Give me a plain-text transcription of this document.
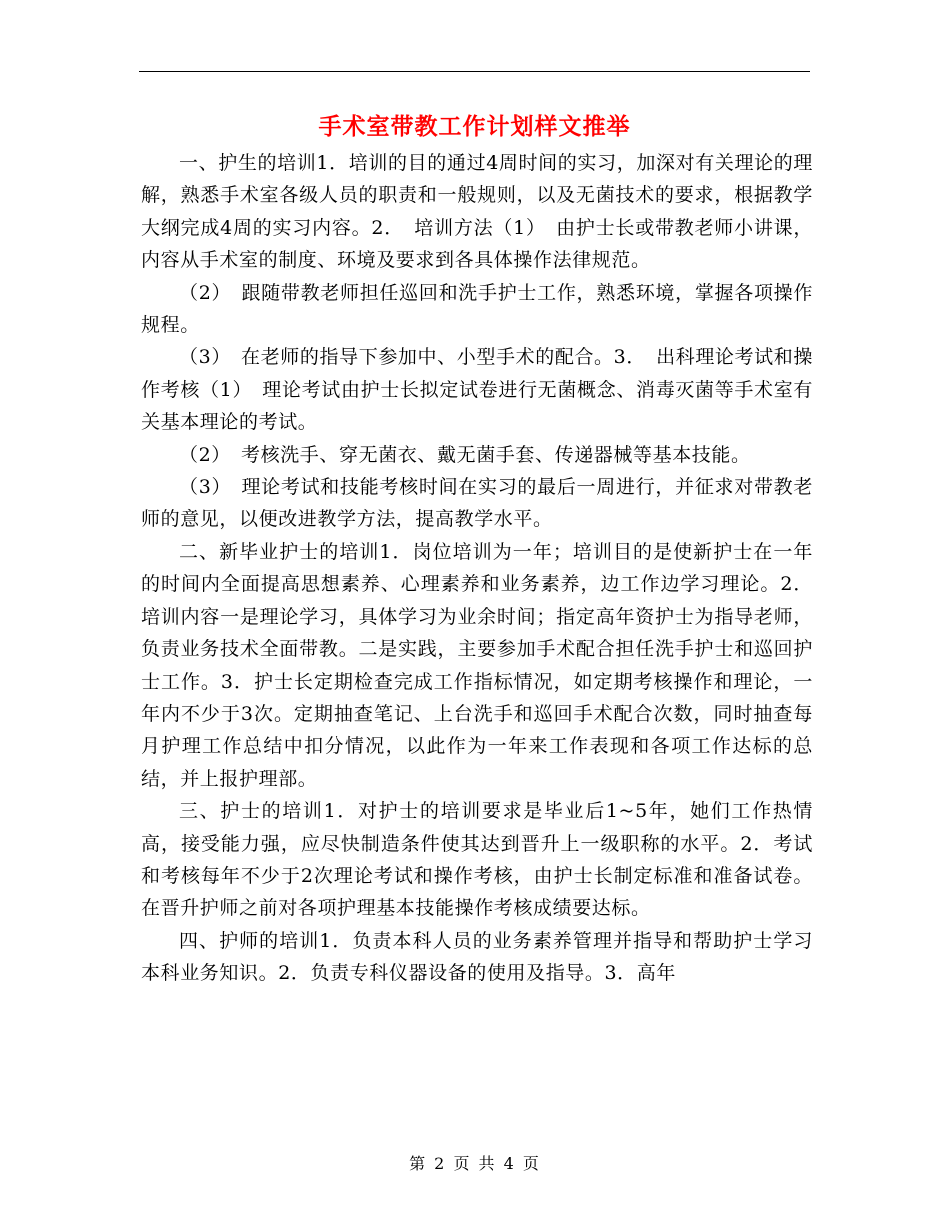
手术室带教工作计划样文推举

一、护生的培训1．培训的目的通过4周时间的实习，加深对有关理论的理解，熟悉手术室各级人员的职责和一般规则，以及无菌技术的要求，根据教学大纲完成4周的实习内容。2．　培训方法（1）　由护士长或带教老师小讲课，内容从手术室的制度、环境及要求到各具体操作法律规范。

（2）　跟随带教老师担任巡回和洗手护士工作，熟悉环境，掌握各项操作规程。

（3）　在老师的指导下参加中、小型手术的配合。3．　出科理论考试和操作考核（1）　理论考试由护士长拟定试卷进行无菌概念、消毒灭菌等手术室有关基本理论的考试。

（2）　考核洗手、穿无菌衣、戴无菌手套、传递器械等基本技能。

（3）　理论考试和技能考核时间在实习的最后一周进行，并征求对带教老师的意见，以便改进教学方法，提高教学水平。

二、新毕业护士的培训1．岗位培训为一年；培训目的是使新护士在一年的时间内全面提高思想素养、心理素养和业务素养，边工作边学习理论。2．培训内容一是理论学习，具体学习为业余时间；指定高年资护士为指导老师，负责业务技术全面带教。二是实践，主要参加手术配合担任洗手护士和巡回护士工作。3．护士长定期检查完成工作指标情况，如定期考核操作和理论，一年内不少于3次。定期抽查笔记、上台洗手和巡回手术配合次数，同时抽查每月护理工作总结中扣分情况，以此作为一年来工作表现和各项工作达标的总结，并上报护理部。

三、护士的培训1．对护士的培训要求是毕业后1~5年，她们工作热情高，接受能力强，应尽快制造条件使其达到晋升上一级职称的水平。2．考试和考核每年不少于2次理论考试和操作考核，由护士长制定标准和准备试卷。在晋升护师之前对各项护理基本技能操作考核成绩要达标。

四、护师的培训1．负责本科人员的业务素养管理并指导和帮助护士学习本科业务知识。2．负责专科仪器设备的使用及指导。3．高年

第 2 页 共 4 页
